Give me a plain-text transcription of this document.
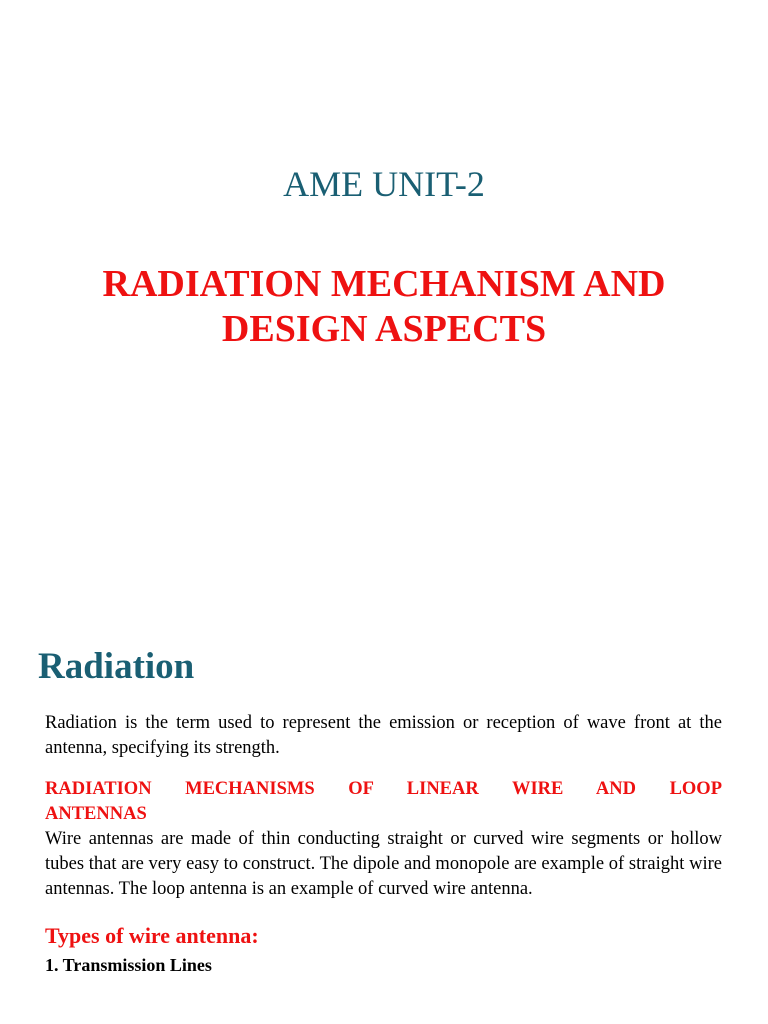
AME UNIT-2
RADIATION MECHANISM AND
DESIGN ASPECTS
Radiation

Radiation is the term used to represent the emission or reception of wave front at the antenna, specifying its strength.

RADIATION MECHANISMS OF LINEAR WIRE AND LOOP

ANTENNAS

Wire antennas are made of thin conducting straight or curved wire segments or hollow tubes that are very easy to construct. The dipole and monopole are example of straight wire antennas. The loop antenna is an example of curved wire antenna.

Types of wire antenna:

1. Transmission Lines
